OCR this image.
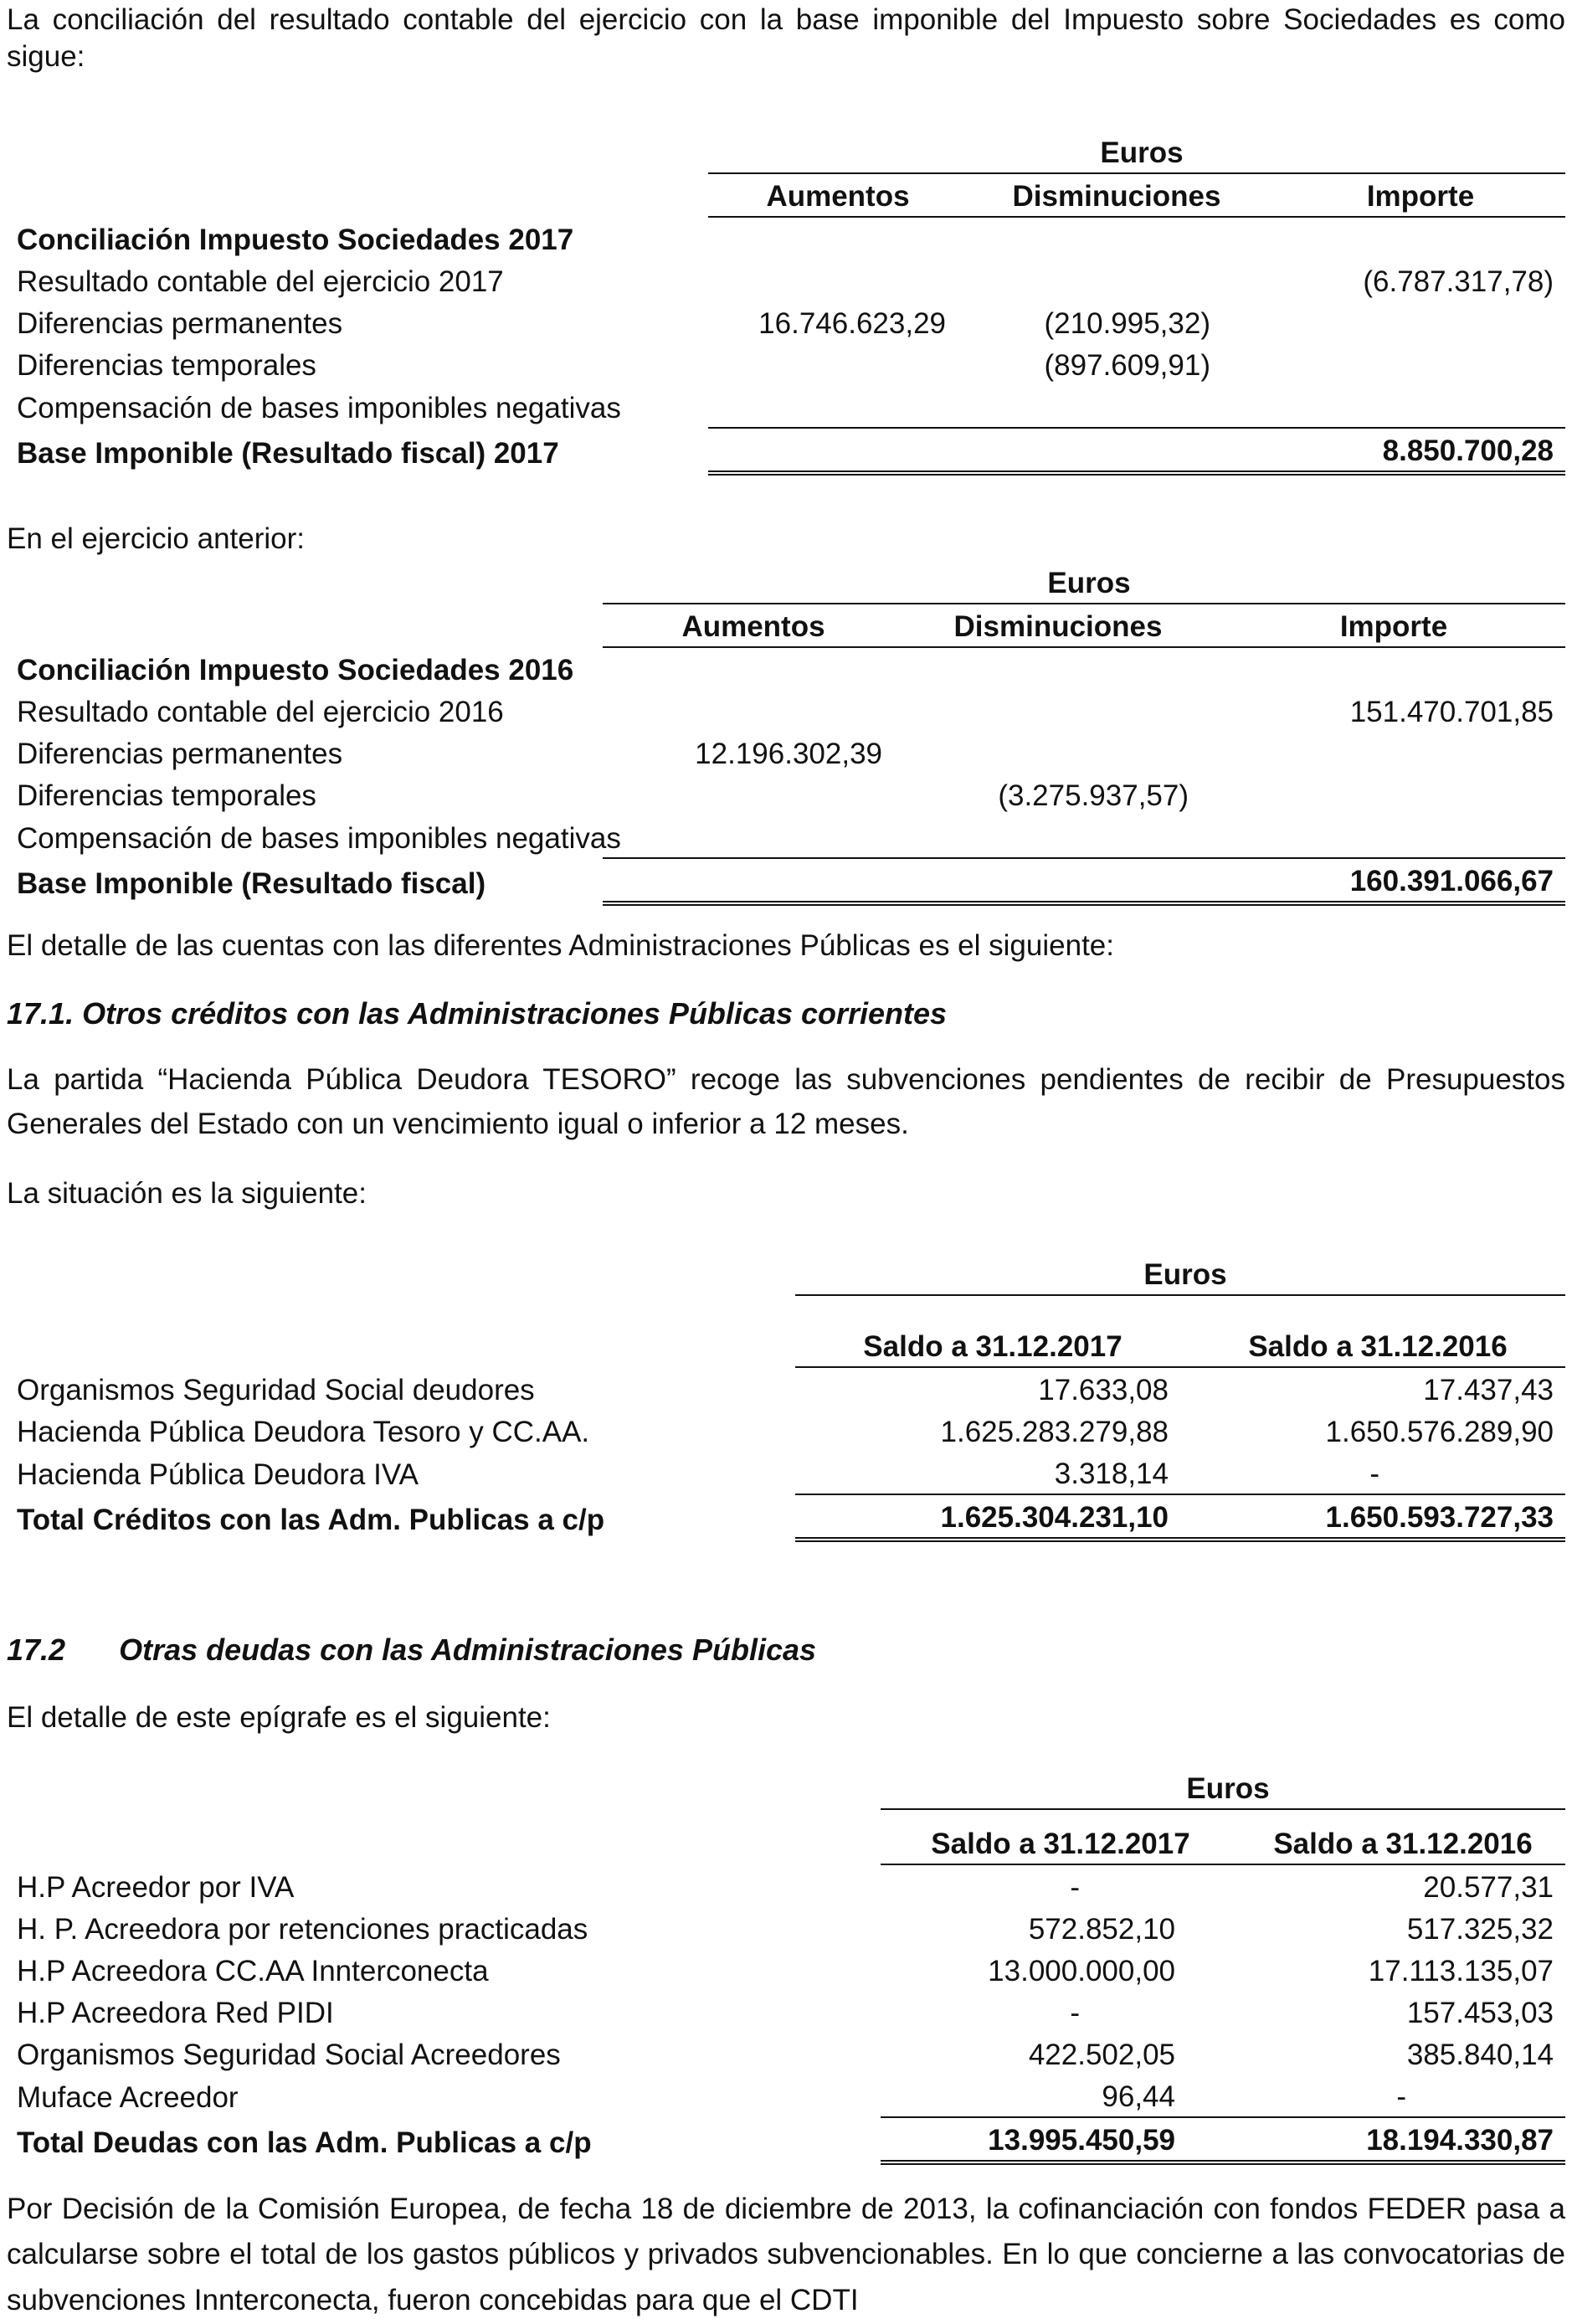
La conciliación del resultado contable del ejercicio con la base imponible del Impuesto sobre Sociedades es como sigue:

	Euros		
	Aumentos	Disminuciones	Importe
Conciliación Impuesto Sociedades 2017			
Resultado contable del ejercicio 2017			(6.787.317,78)
Diferencias permanentes	16.746.623,29	(210.995,32)	
Diferencias temporales		(897.609,91)	
Compensación de bases imponibles negativas			
Base Imponible (Resultado fiscal) 2017			8.850.700,28

En el ejercicio anterior:

	Euros		
	Aumentos	Disminuciones	Importe
Conciliación Impuesto Sociedades 2016			
Resultado contable del ejercicio 2016			151.470.701,85
Diferencias permanentes	12.196.302,39		
Diferencias temporales		(3.275.937,57)	
Compensación de bases imponibles negativas			
Base Imponible (Resultado fiscal)			160.391.066,67

El detalle de las cuentas con las diferentes Administraciones Públicas es el siguiente:

17.1. Otros créditos con las Administraciones Públicas corrientes

La partida “Hacienda Pública Deudora TESORO” recoge las subvenciones pendientes de recibir de Presupuestos Generales del Estado con un vencimiento igual o inferior a 12 meses.

La situación es la siguiente:

	Euros	
	Saldo a 31.12.2017	Saldo a 31.12.2016
Organismos Seguridad Social deudores	17.633,08	17.437,43
Hacienda Pública Deudora Tesoro y CC.AA.	1.625.283.279,88	1.650.576.289,90
Hacienda Pública Deudora IVA	3.318,14	-
Total Créditos con las Adm. Publicas a c/p	1.625.304.231,10	1.650.593.727,33

17.2 Otras deudas con las Administraciones Públicas

El detalle de este epígrafe es el siguiente:

	Euros	
	Saldo a 31.12.2017	Saldo a 31.12.2016
H.P Acreedor por IVA	-	20.577,31
H. P. Acreedora por retenciones practicadas	572.852,10	517.325,32
H.P Acreedora CC.AA Innterconecta	13.000.000,00	17.113.135,07
H.P Acreedora Red PIDI	-	157.453,03
Organismos Seguridad Social Acreedores	422.502,05	385.840,14
Muface Acreedor	96,44	-
Total Deudas con las Adm. Publicas a c/p	13.995.450,59	18.194.330,87

Por Decisión de la Comisión Europea, de fecha 18 de diciembre de 2013, la cofinanciación con fondos FEDER pasa a calcularse sobre el total de los gastos públicos y privados subvencionables. En lo que concierne a las convocatorias de subvenciones Innterconecta, fueron concebidas para que el CDTI
